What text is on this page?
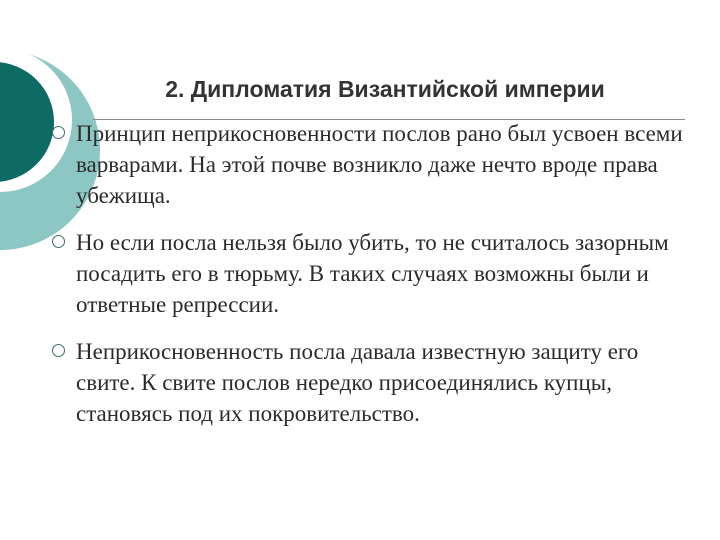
2. Дипломатия Византийской империи
Принцип неприкосновенности послов рано был усвоен всеми варварами. На этой почве возникло даже нечто вроде права убежища.
Но если посла нельзя было убить, то не считалось зазорным посадить его в тюрьму. В таких случаях возможны были и ответные репрессии.
Неприкосновенность посла давала известную защиту его свите. К свите послов нередко присоединялись купцы, становясь под их покровительство.
